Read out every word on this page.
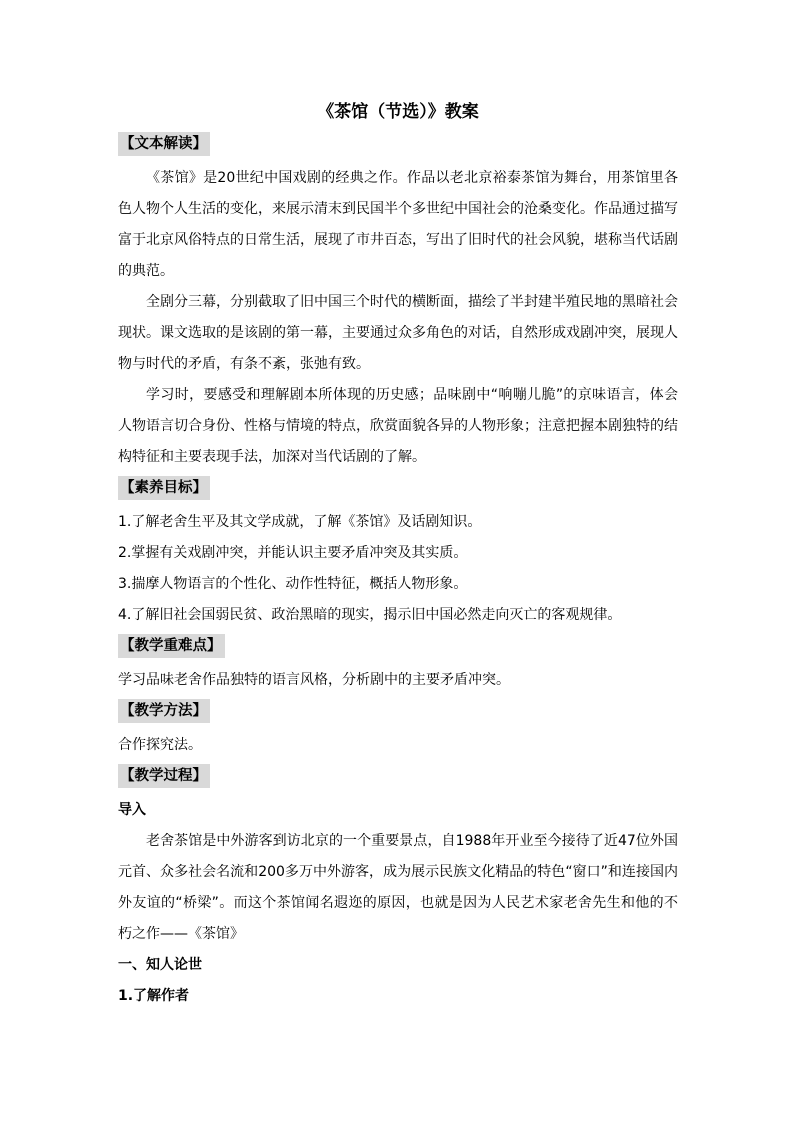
《茶馆（节选）》教案
【文本解读】

《茶馆》是20世纪中国戏剧的经典之作。作品以老北京裕泰茶馆为舞台，用茶馆里各色人物个人生活的变化，来展示清末到民国半个多世纪中国社会的沧桑变化。作品通过描写富于北京风俗特点的日常生活，展现了市井百态，写出了旧时代的社会风貌，堪称当代话剧的典范。

全剧分三幕，分别截取了旧中国三个时代的横断面，描绘了半封建半殖民地的黑暗社会现状。课文选取的是该剧的第一幕，主要通过众多角色的对话，自然形成戏剧冲突，展现人物与时代的矛盾，有条不紊，张弛有致。

学习时，要感受和理解剧本所体现的历史感；品味剧中“响嘣儿脆”的京味语言，体会人物语言切合身份、性格与情境的特点，欣赏面貌各异的人物形象；注意把握本剧独特的结构特征和主要表现手法，加深对当代话剧的了解。

【素养目标】

1.了解老舍生平及其文学成就，了解《茶馆》及话剧知识。

2.掌握有关戏剧冲突，并能认识主要矛盾冲突及其实质。

3.揣摩人物语言的个性化、动作性特征，概括人物形象。

4.了解旧社会国弱民贫、政治黑暗的现实，揭示旧中国必然走向灭亡的客观规律。

【教学重难点】

学习品味老舍作品独特的语言风格，分析剧中的主要矛盾冲突。

【教学方法】

合作探究法。

【教学过程】

导入

老舍茶馆是中外游客到访北京的一个重要景点，自1988年开业至今接待了近47位外国元首、众多社会名流和200多万中外游客，成为展示民族文化精品的特色“窗口”和连接国内外友谊的“桥梁”。而这个茶馆闻名遐迩的原因，也就是因为人民艺术家老舍先生和他的不朽之作——《茶馆》

一、知人论世

1.了解作者
